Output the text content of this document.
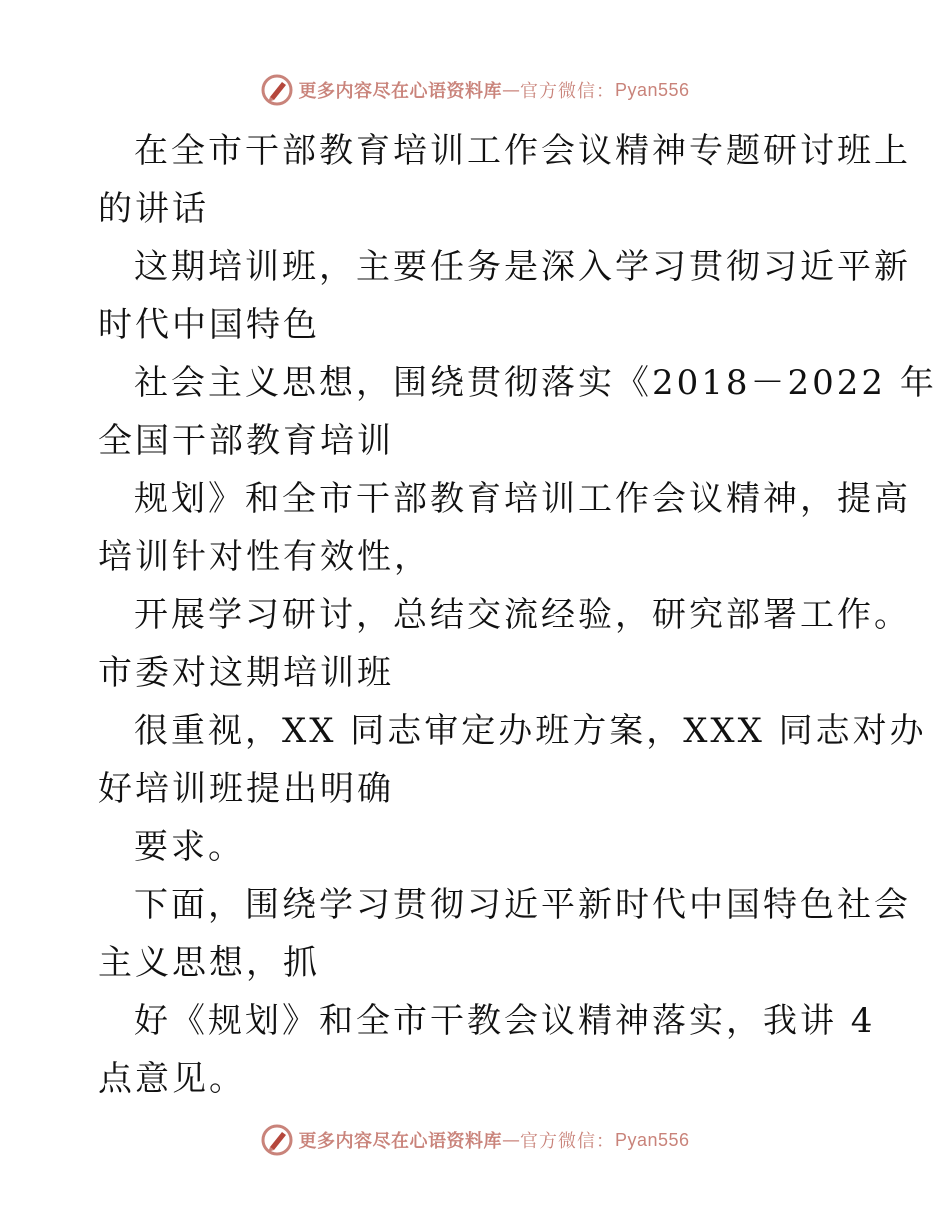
更多内容尽在心语资料库 — 官方微信： Pyan556
在全市干部教育培训工作会议精神专题研讨班上
的讲话
这期培训班，主要任务是深入学习贯彻习近平新
时代中国特色
社会主义思想，围绕贯彻落实《2018－2022 年
全国干部教育培训
规划》和全市干部教育培训工作会议精神，提高
培训针对性有效性，
开展学习研讨，总结交流经验，研究部署工作。
市委对这期培训班
很重视，XX 同志审定办班方案，XXX 同志对办
好培训班提出明确
要求。
下面，围绕学习贯彻习近平新时代中国特色社会
主义思想，抓
好《规划》和全市干教会议精神落实，我讲 4
点意见。
更多内容尽在心语资料库 — 官方微信： Pyan556
